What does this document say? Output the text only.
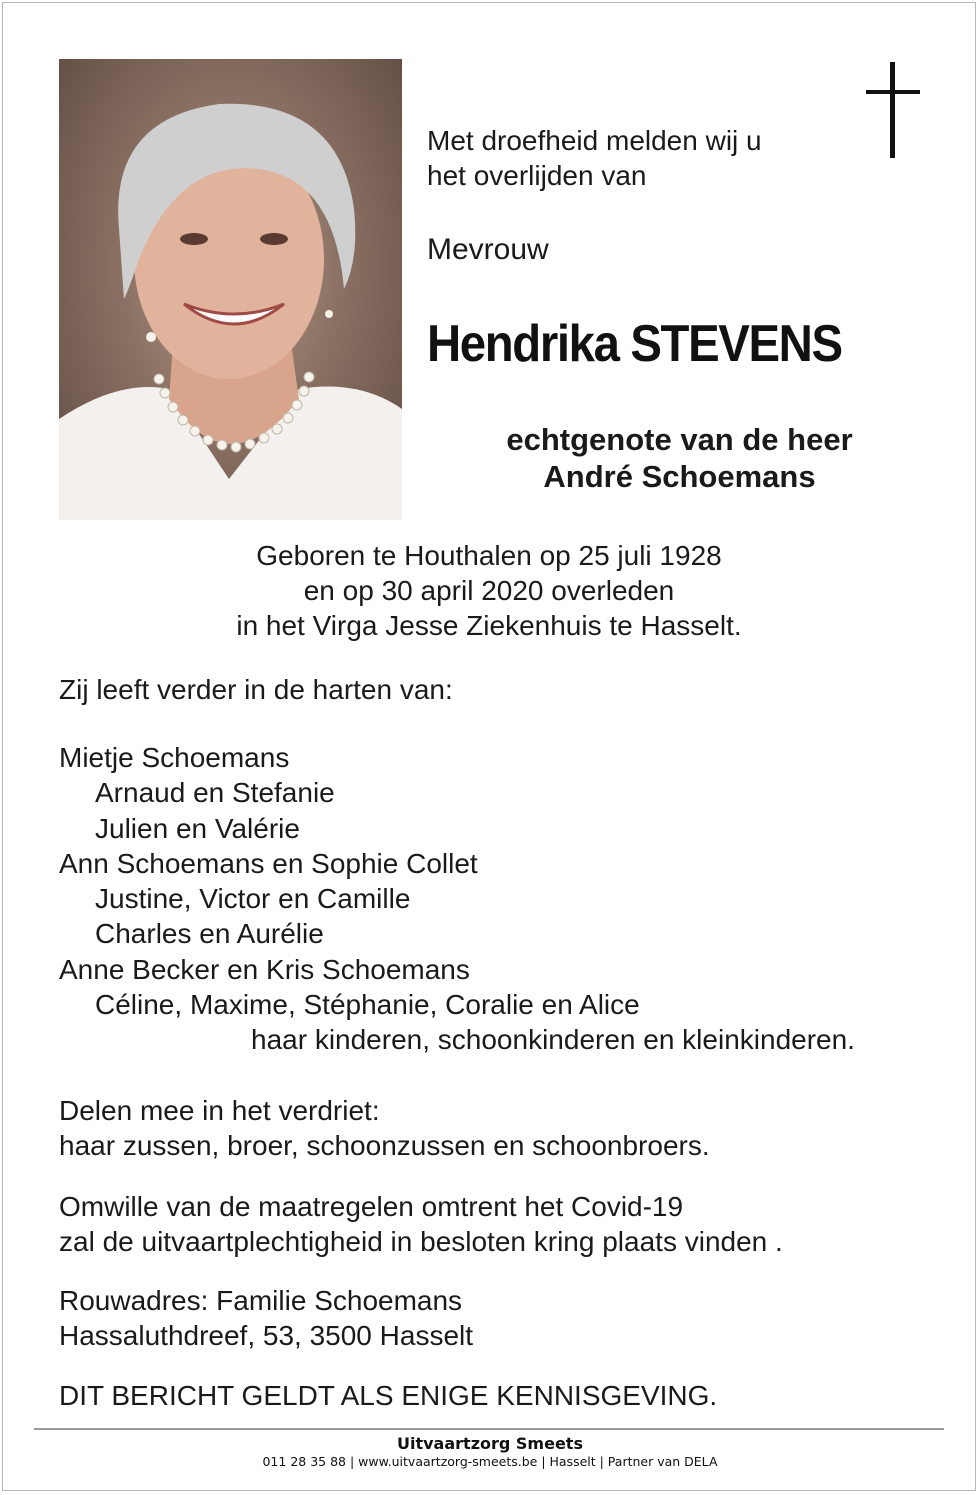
Met droefheid melden wij u
het overlijden van
Mevrouw
Hendrika STEVENS
echtgenote van de heer
André Schoemans
Geboren te Houthalen op 25 juli 1928
en op 30 april 2020 overleden
in het Virga Jesse Ziekenhuis te Hasselt.
Zij leeft verder in de harten van:
Mietje Schoemans
Arnaud en Stefanie
Julien en Valérie
Ann Schoemans en Sophie Collet
Justine, Victor en Camille
Charles en Aurélie
Anne Becker en Kris Schoemans
Céline, Maxime, Stéphanie, Coralie en Alice
haar kinderen, schoonkinderen en kleinkinderen.
Delen mee in het verdriet:
haar zussen, broer, schoonzussen en schoonbroers.
Omwille van de maatregelen omtrent het Covid-19
zal de uitvaartplechtigheid in besloten kring plaats vinden .
Rouwadres: Familie Schoemans
Hassaluthdreef, 53, 3500 Hasselt
DIT BERICHT GELDT ALS ENIGE KENNISGEVING.
Uitvaartzorg Smeets
011 28 35 88 | www.uitvaartzorg-smeets.be | Hasselt | Partner van DELA
